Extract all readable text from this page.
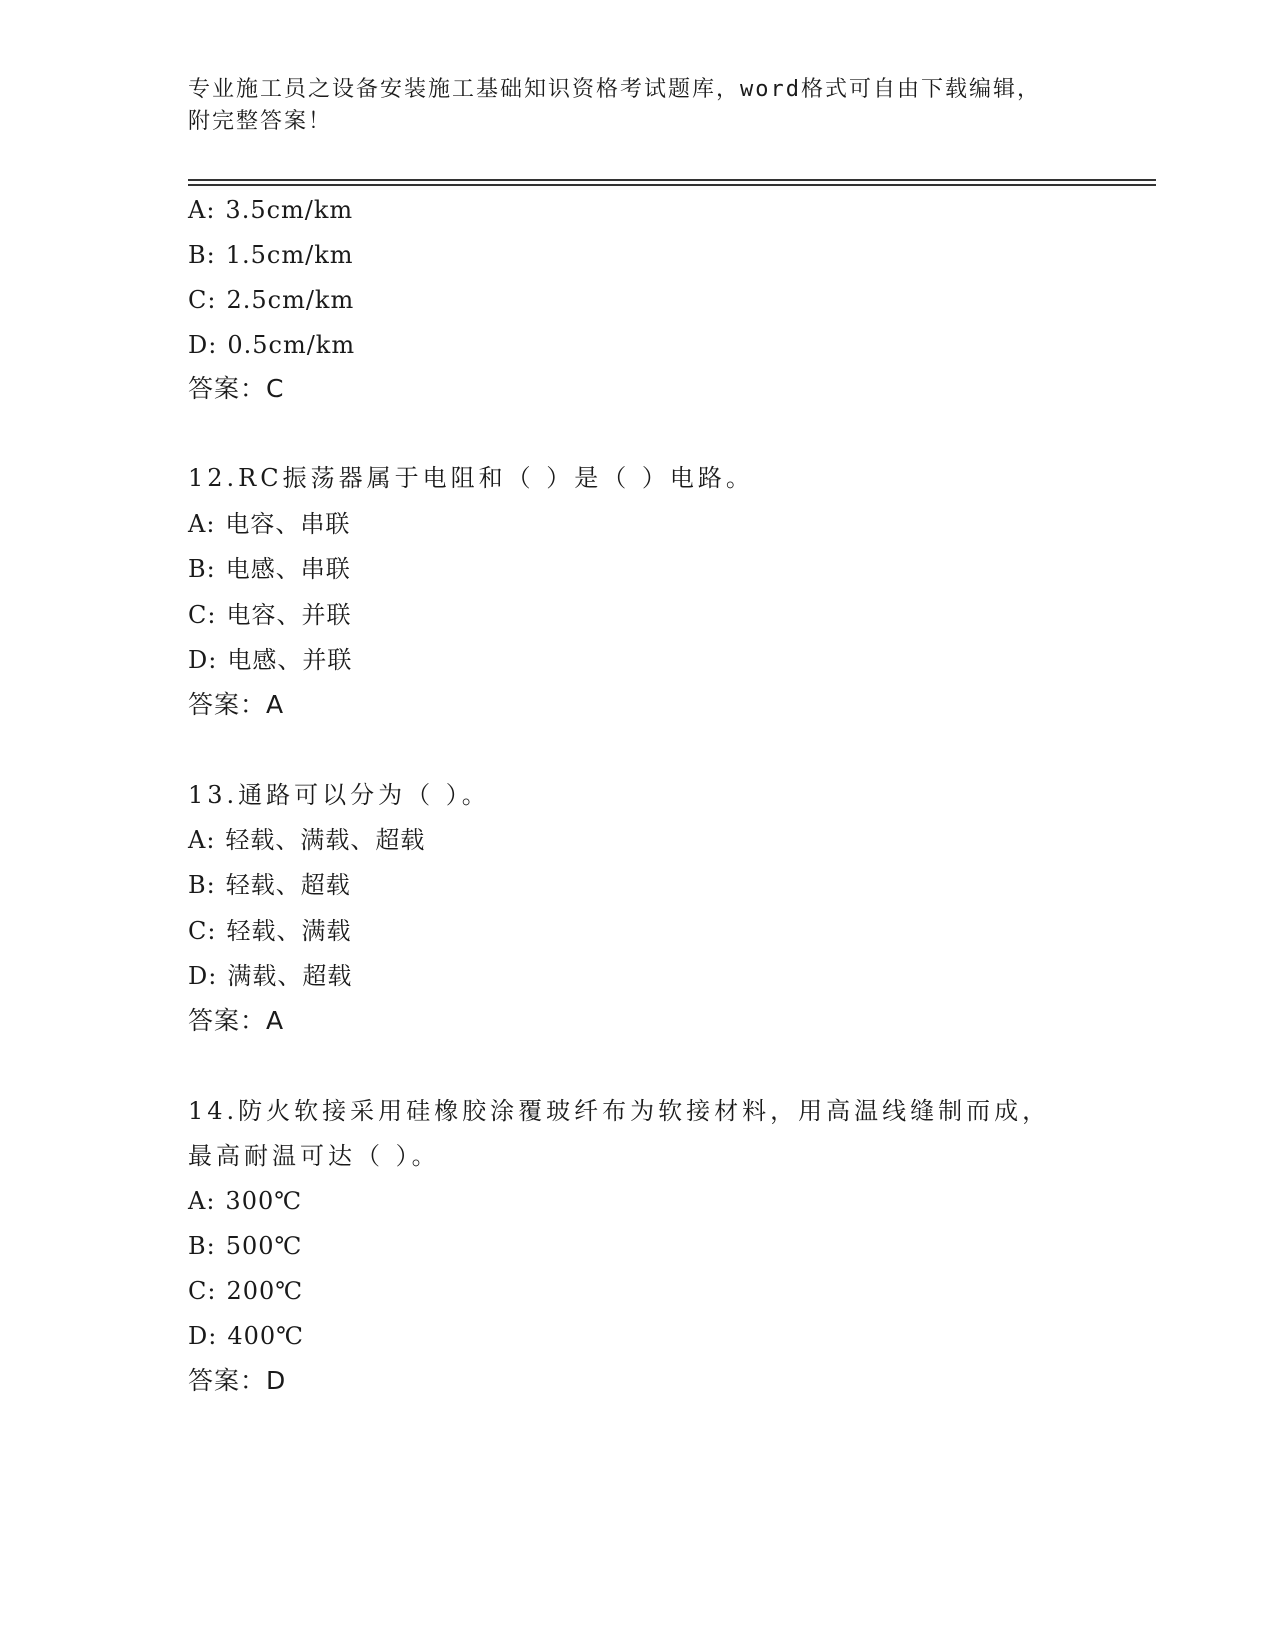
专业施工员之设备安装施工基础知识资格考试题库，word格式可自由下载编辑，
附完整答案！
A: 3.5cm/km
B: 1.5cm/km
C: 2.5cm/km
D: 0.5cm/km
答案：C
12.RC振荡器属于电阻和（ ）是（ ）电路。
A: 电容、串联
B: 电感、串联
C: 电容、并联
D: 电感、并联
答案：A
13.通路可以分为（ ）。
A: 轻载、满载、超载
B: 轻载、超载
C: 轻载、满载
D: 满载、超载
答案：A
14.防火软接采用硅橡胶涂覆玻纤布为软接材料，用高温线缝制而成，
最高耐温可达（ ）。
A: 300℃
B: 500℃
C: 200℃
D: 400℃
答案：D
